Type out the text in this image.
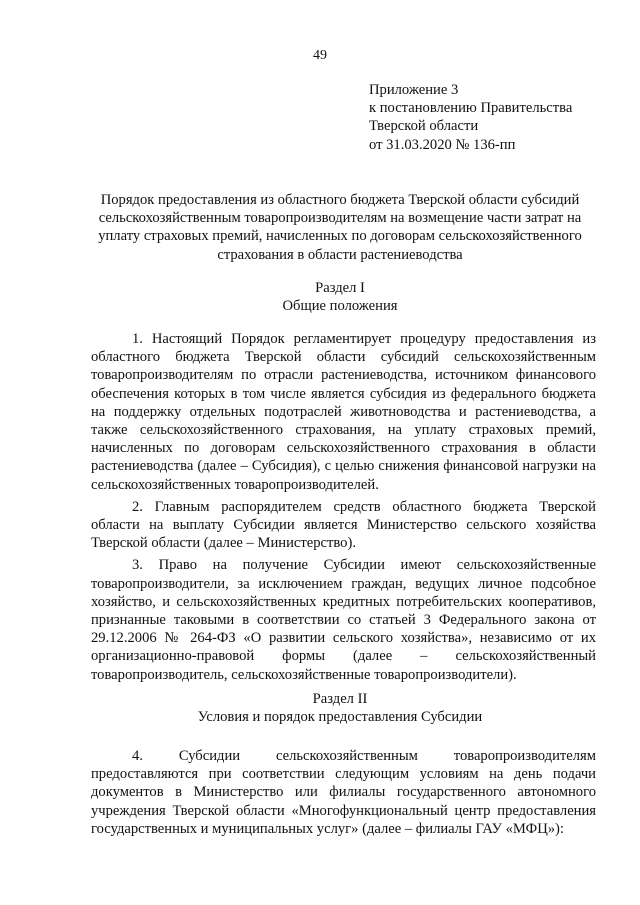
49
Приложение 3
к постановлению Правительства
Тверской области
от 31.03.2020 № 136-пп
Порядок предоставления из областного бюджета Тверской области субсидий сельскохозяйственным товаропроизводителям на возмещение части затрат на уплату страховых премий, начисленных по договорам сельскохозяйственного страхования в области растениеводства
Раздел I
Общие положения

1. Настоящий Порядок регламентирует процедуру предоставления из областного бюджета Тверской области субсидий сельскохозяйственным товаропроизводителям по отрасли растениеводства, источником финансового обеспечения которых в том числе является субсидия из федерального бюджета на поддержку отдельных подотраслей животноводства и растениеводства, а также сельскохозяйственного страхования, на уплату страховых премий, начисленных по договорам сельскохозяйственного страхования в области растениеводства (далее – Субсидия), с целью снижения финансовой нагрузки на сельскохозяйственных товаропроизводителей.

2. Главным распорядителем средств областного бюджета Тверской области на выплату Субсидии является Министерство сельского хозяйства Тверской области (далее – Министерство).

3. Право на получение Субсидии имеют сельскохозяйственные товаропроизводители, за исключением граждан, ведущих личное подсобное хозяйство, и сельскохозяйственных кредитных потребительских кооперативов, признанные таковыми в соответствии со статьей 3 Федерального закона от 29.12.2006 № 264-ФЗ «О развитии сельского хозяйства», независимо от их организационно-правовой формы (далее – сельскохозяйственный товаропроизводитель, сельскохозяйственные товаропроизводители).

Раздел II
Условия и порядок предоставления Субсидии

4. Субсидии сельскохозяйственным товаропроизводителям предоставляются при соответствии следующим условиям на день подачи документов в Министерство или филиалы государственного автономного учреждения Тверской области «Многофункциональный центр предоставления государственных и муниципальных услуг» (далее – филиалы ГАУ «МФЦ»):
